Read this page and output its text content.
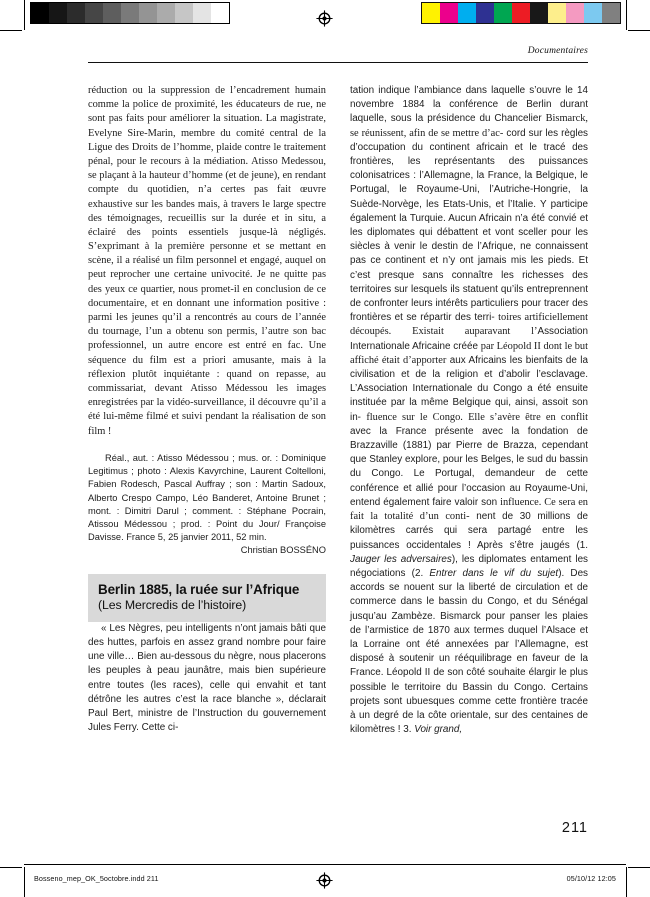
Documentaires

réduction ou la suppression de l’encadrement humain comme la police de proximité, les éducateurs de rue, ne sont pas faits pour améliorer la situation. La magistrate, Evelyne Sire-Marin, membre du comité central de la Ligue des Droits de l’homme, plaide contre le traitement pénal, pour le recours à la médiation. Atisso Medessou, se plaçant à la hauteur d’homme (et de jeune), en rendant compte du quotidien, n’a certes pas fait œuvre exhaustive sur les bandes mais, à travers le large spectre des témoignages, recueillis sur la durée et in situ, a éclairé des points essentiels jusque-là négligés. S’exprimant à la première personne et se mettant en scène, il a réalisé un film personnel et engagé, auquel on peut reprocher une certaine univocité. Je ne quitte pas des yeux ce quartier, nous promet-il en conclusion de ce documentaire, et en donnant une information positive : parmi les jeunes qu’il a rencontrés au cours de l’année du tournage, l’un a obtenu son permis, l’autre son bac professionnel, un autre encore est entré en fac. Une séquence du film est a priori amusante, mais à la réflexion plutôt inquiétante : quand on repasse, au commissariat, devant Atisso Médessou les images enregistrées par la vidéo-surveillance, il découvre qu’il a été lui-même filmé et suivi pendant la réalisation de son film !

Réal., aut. : Atisso Médessou ; mus. or. : Dominique Legitimus ; photo : Alexis Kavyrchine, Laurent Coltelloni, Fabien Rodesch, Pascal Auffray ; son : Martin Sadoux, Alberto Crespo Campo, Léo Banderet, Antoine Brunet ; mont. : Dimitri Darul ; comment. : Stéphane Pocrain, Atissou Médessou ; prod. : Point du Jour/ Françoise Davisse. France 5, 25 janvier 2011, 52 min.

Christian BOSSÉNO

Berlin 1885, la ruée sur l’Afrique
(Les Mercredis de l’histoire)

« Les Nègres, peu intelligents n’ont jamais bâti que des huttes, parfois en assez grand nombre pour faire une ville… Bien au-dessous du nègre, nous placerons les peuples à peau jaunâtre, mais bien supérieure entre toutes (les races), celle qui envahit et tant détrône les autres c’est la race blanche », déclarait Paul Bert, ministre de l’Instruction du gouvernement Jules Ferry. Cette ci-

tation indique l’ambiance dans laquelle s’ouvre le 14 novembre 1884 la conférence de Berlin durant laquelle, sous la présidence du Chancelier Bismarck, se réunissent, afin de se mettre d’ac- cord sur les règles d’occupation du continent africain et le tracé des frontières, les représentants des puissances colonisatrices : l’Allemagne, la France, la Belgique, le Portugal, le Royaume-Uni, l’Autriche-Hongrie, la Suède-Norvège, les Etats-Unis, et l’Italie. Y participe également la Turquie. Aucun Africain n’a été convié et les diplomates qui débattent et vont sceller pour les siècles à venir le destin de l’Afrique, ne connaissent pas ce continent et n’y ont jamais mis les pieds. Et c’est presque sans connaître les richesses des territoires sur lesquels ils statuent qu’ils entreprennent de confronter leurs intérêts particuliers pour tracer des frontières et se répartir des terri- toires artificiellement découpés. Existait auparavant l’Association Internationale Africaine créée par Léopold II dont le but affiché était d’apporter aux Africains les bienfaits de la civilisation et de la religion et d’abolir l’esclavage. L’Association Internationale du Congo a été ensuite instituée par la même Belgique qui, ainsi, assoit son in- fluence sur le Congo. Elle s’avère être en conflit avec la France présente avec la fondation de Brazzaville (1881) par Pierre de Brazza, cependant que Stanley explore, pour les Belges, le sud du bassin du Congo. Le Portugal, demandeur de cette conférence et allié pour l’occasion au Royaume-Uni, entend également faire valoir son influence. Ce sera en fait la totalité d’un conti- nent de 30 millions de kilomètres carrés qui sera partagé entre les puissances occidentales ! Après s’être jaugés (1. Jauger les adversaires), les diplomates entament les négociations (2. Entrer dans le vif du sujet). Des accords se nouent sur la liberté de circulation et de commerce dans le bassin du Congo, et du Sénégal jusqu’au Zambèze. Bismarck pour panser les plaies de l’armistice de 1870 aux termes duquel l’Alsace et la Lorraine ont été annexées par l’Allemagne, est disposé à soutenir un rééquilibrage en faveur de la France. Léopold II de son côté souhaite élargir le plus possible le territoire du Bassin du Congo. Certains projets sont ubuesques comme cette frontière tracée à un degré de la côte orientale, sur des centaines de kilomètres ! 3. Voir grand,

211
Bosseno_mep_OK_5octobre.indd 211	05/10/12 12:05
